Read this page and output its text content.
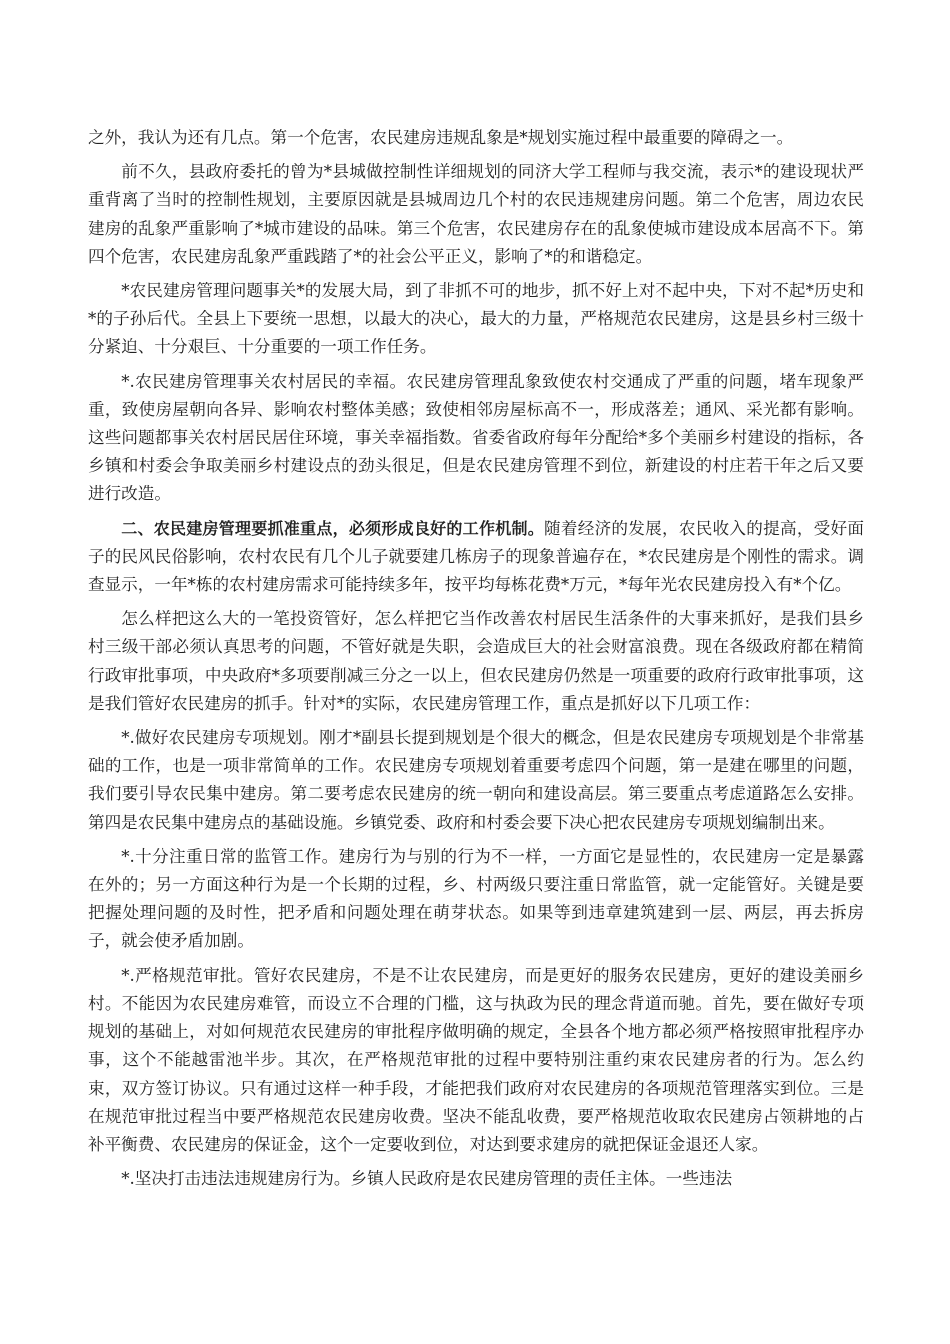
之外，我认为还有几点。第一个危害，农民建房违规乱象是*规划实施过程中最重要的障碍之一。

前不久，县政府委托的曾为*县城做控制性详细规划的同济大学工程师与我交流，表示*的建设现状严重背离了当时的控制性规划，主要原因就是县城周边几个村的农民违规建房问题。第二个危害，周边农民建房的乱象严重影响了*城市建设的品味。第三个危害，农民建房存在的乱象使城市建设成本居高不下。第四个危害，农民建房乱象严重践踏了*的社会公平正义，影响了*的和谐稳定。

*农民建房管理问题事关*的发展大局，到了非抓不可的地步，抓不好上对不起中央，下对不起*历史和*的子孙后代。全县上下要统一思想，以最大的决心，最大的力量，严格规范农民建房，这是县乡村三级十分紧迫、十分艰巨、十分重要的一项工作任务。

*.农民建房管理事关农村居民的幸福。农民建房管理乱象致使农村交通成了严重的问题，堵车现象严重，致使房屋朝向各异、影响农村整体美感；致使相邻房屋标高不一，形成落差；通风、采光都有影响。这些问题都事关农村居民居住环境，事关幸福指数。省委省政府每年分配给*多个美丽乡村建设的指标，各乡镇和村委会争取美丽乡村建设点的劲头很足，但是农民建房管理不到位，新建设的村庄若干年之后又要进行改造。

二、农民建房管理要抓准重点，必须形成良好的工作机制。随着经济的发展，农民收入的提高，受好面子的民风民俗影响，农村农民有几个儿子就要建几栋房子的现象普遍存在，*农民建房是个刚性的需求。调查显示，一年*栋的农村建房需求可能持续多年，按平均每栋花费*万元，*每年光农民建房投入有*个亿。

怎么样把这么大的一笔投资管好，怎么样把它当作改善农村居民生活条件的大事来抓好，是我们县乡村三级干部必须认真思考的问题，不管好就是失职，会造成巨大的社会财富浪费。现在各级政府都在精简行政审批事项，中央政府*多项要削减三分之一以上，但农民建房仍然是一项重要的政府行政审批事项，这是我们管好农民建房的抓手。针对*的实际，农民建房管理工作，重点是抓好以下几项工作：

*.做好农民建房专项规划。刚才*副县长提到规划是个很大的概念，但是农民建房专项规划是个非常基础的工作，也是一项非常简单的工作。农民建房专项规划着重要考虑四个问题，第一是建在哪里的问题，我们要引导农民集中建房。第二要考虑农民建房的统一朝向和建设高层。第三要重点考虑道路怎么安排。第四是农民集中建房点的基础设施。乡镇党委、政府和村委会要下决心把农民建房专项规划编制出来。

*.十分注重日常的监管工作。建房行为与别的行为不一样，一方面它是显性的，农民建房一定是暴露在外的；另一方面这种行为是一个长期的过程，乡、村两级只要注重日常监管，就一定能管好。关键是要把握处理问题的及时性，把矛盾和问题处理在萌芽状态。如果等到违章建筑建到一层、两层，再去拆房子，就会使矛盾加剧。

*.严格规范审批。管好农民建房，不是不让农民建房，而是更好的服务农民建房，更好的建设美丽乡村。不能因为农民建房难管，而设立不合理的门槛，这与执政为民的理念背道而驰。首先，要在做好专项规划的基础上，对如何规范农民建房的审批程序做明确的规定，全县各个地方都必须严格按照审批程序办事，这个不能越雷池半步。其次，在严格规范审批的过程中要特别注重约束农民建房者的行为。怎么约束，双方签订协议。只有通过这样一种手段，才能把我们政府对农民建房的各项规范管理落实到位。三是在规范审批过程当中要严格规范农民建房收费。坚决不能乱收费，要严格规范收取农民建房占领耕地的占补平衡费、农民建房的保证金，这个一定要收到位，对达到要求建房的就把保证金退还人家。

*.坚决打击违法违规建房行为。乡镇人民政府是农民建房管理的责任主体。一些违法
